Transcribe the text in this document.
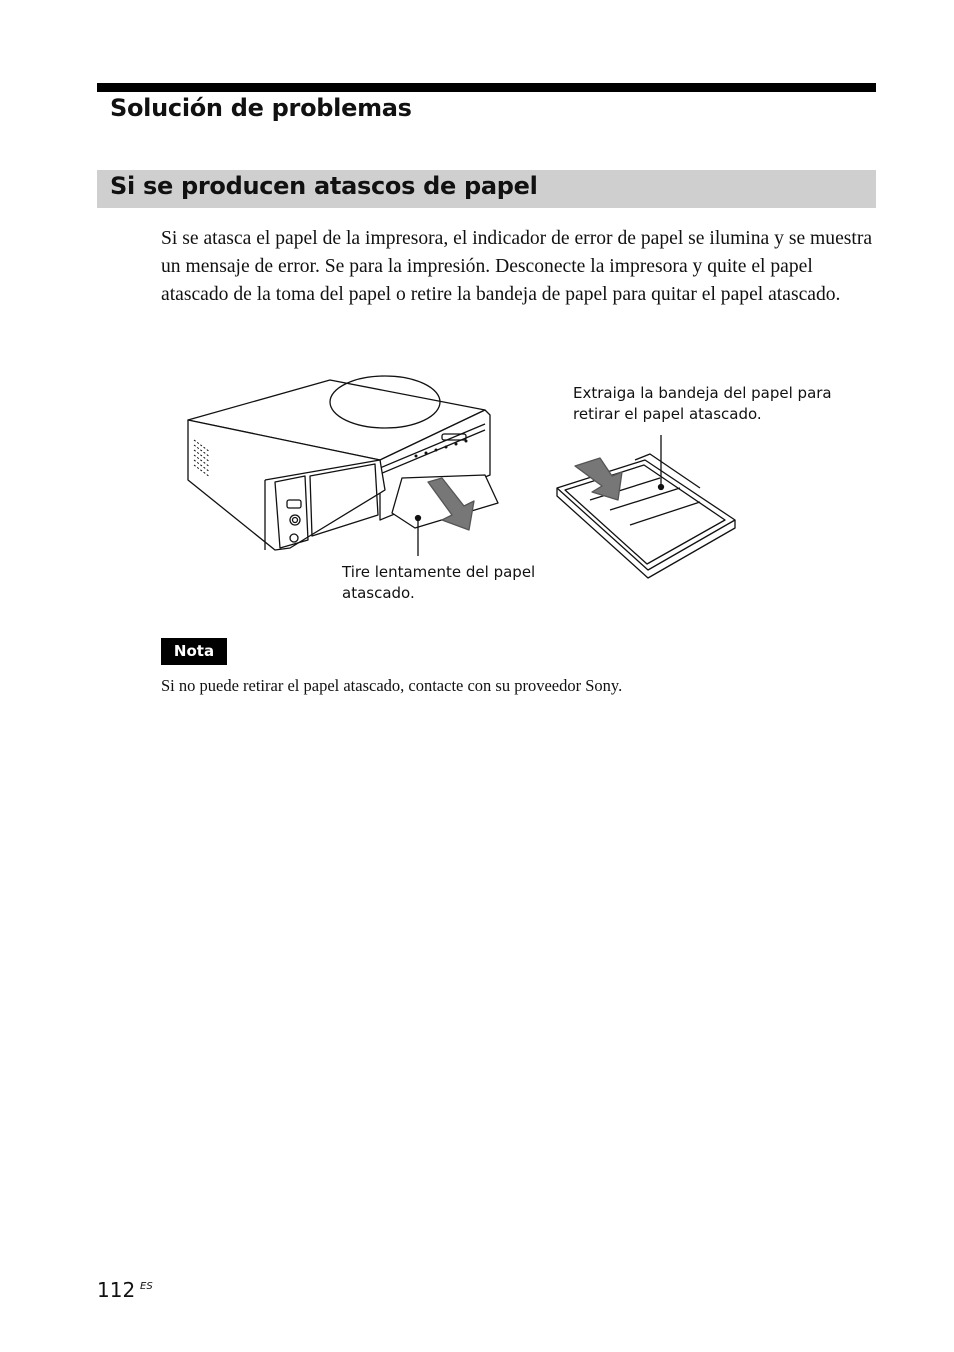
Solución de problemas
Si se producen atascos de papel

Si se atasca el papel de la impresora, el indicador de error de papel se ilumina y se muestra un mensaje de error. Se para la impresión. Desconecte la impresora y quite el papel atascado de la toma del papel o retire la bandeja de papel para quitar el papel atascado.

Tire lentamente del papel atascado.
Extraiga la bandeja del papel para retirar el papel atascado.
Nota

Si no puede retirar el papel atascado, contacte con su proveedor Sony.

112 ES
